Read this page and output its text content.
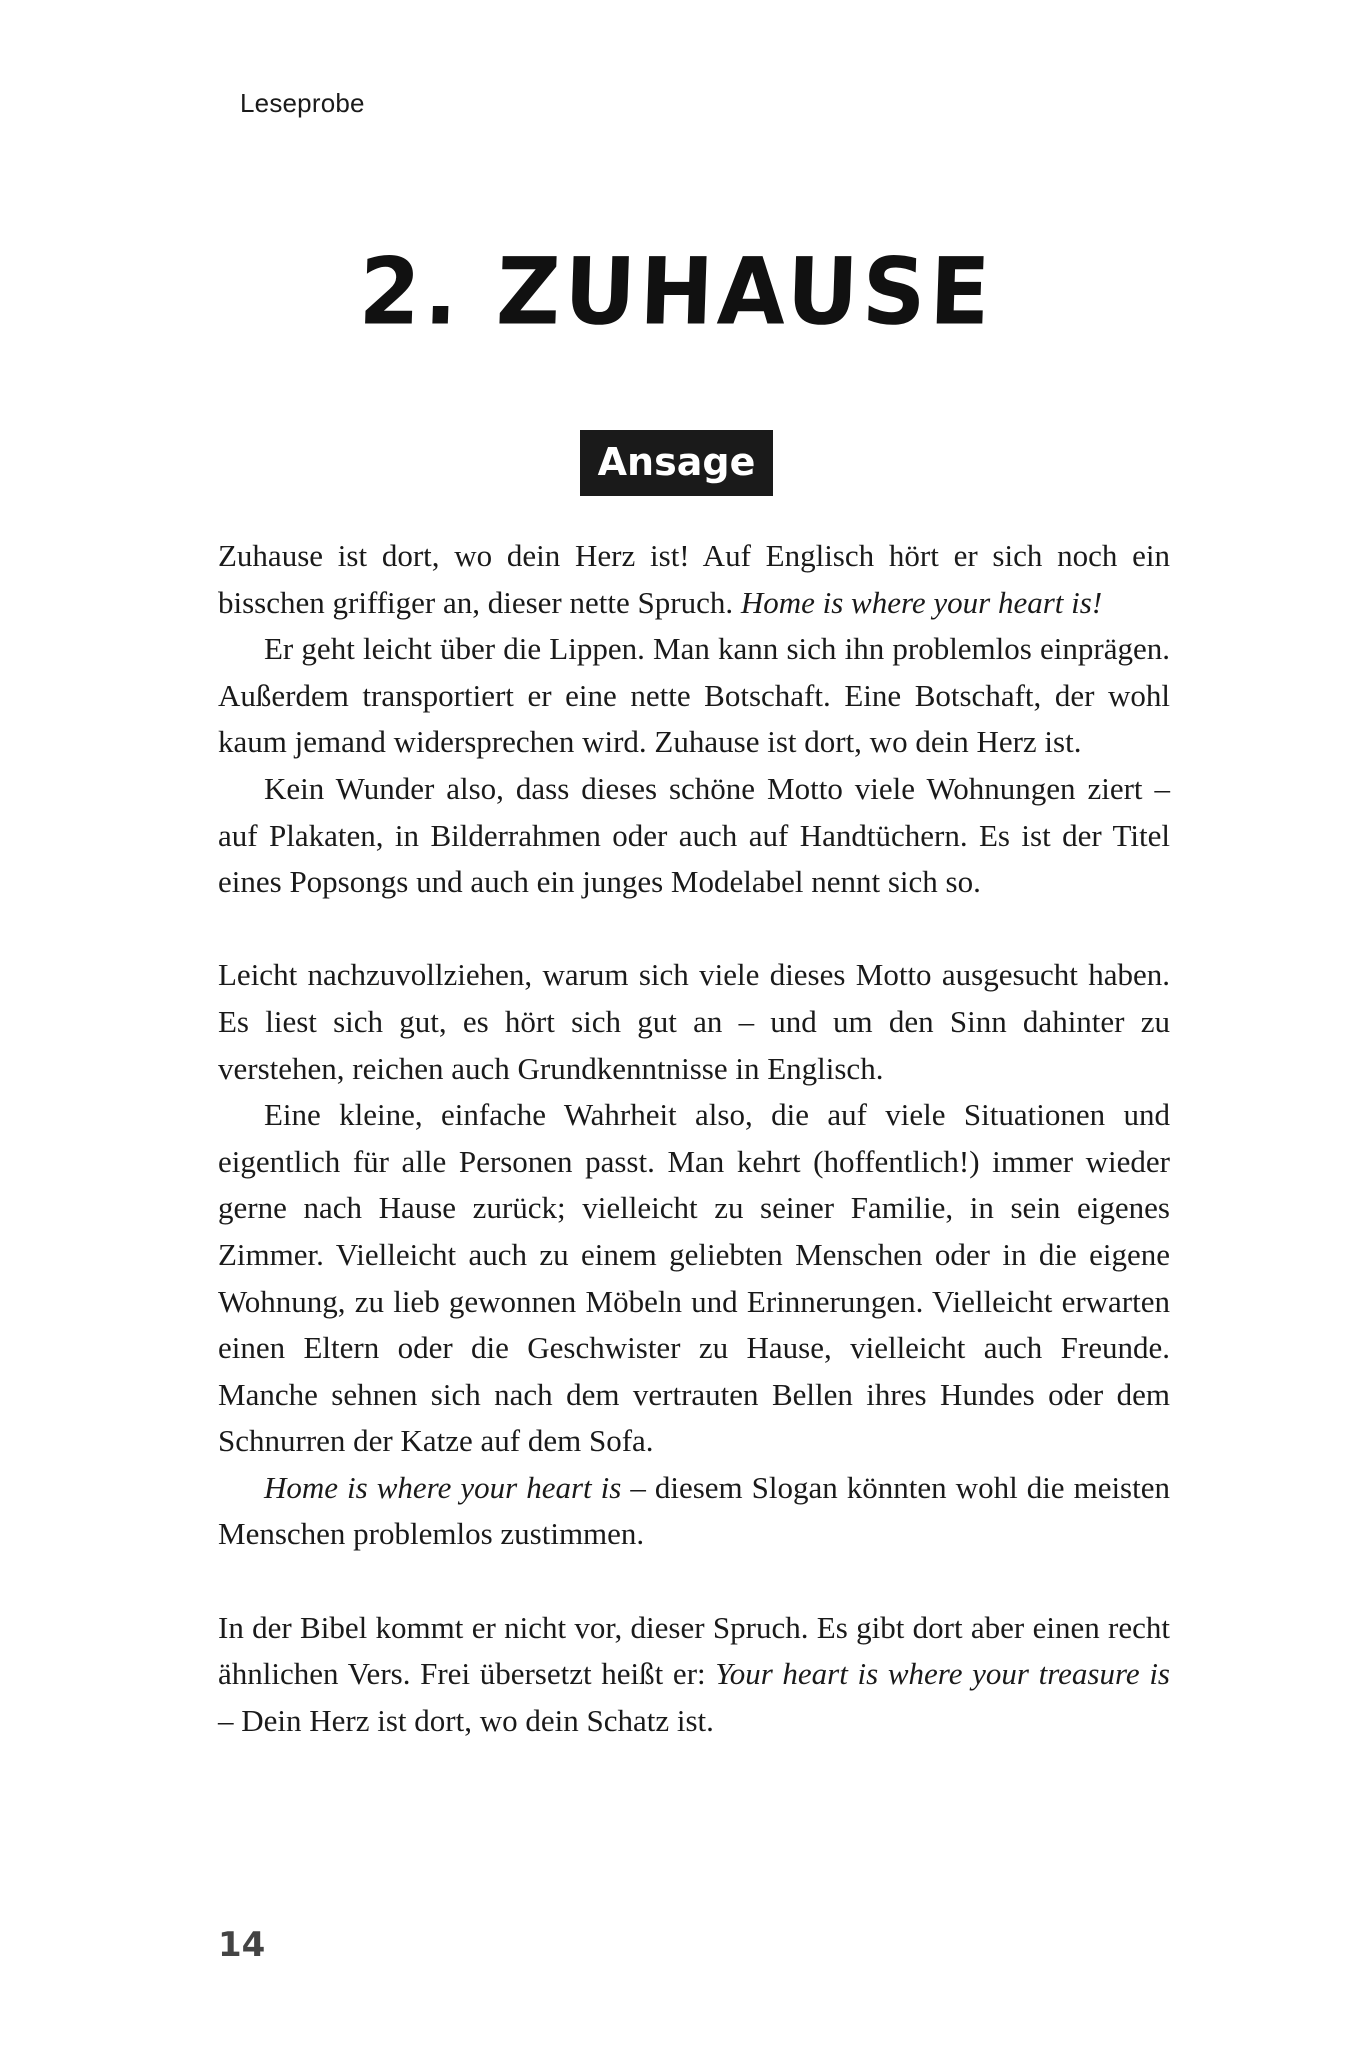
Leseprobe
2. ZUHAUSE
Ansage

Zuhause ist dort, wo dein Herz ist! Auf Englisch hört er sich noch ein bisschen griffiger an, dieser nette Spruch. Home is where your heart is!

Er geht leicht über die Lippen. Man kann sich ihn problemlos einprägen. Außerdem transportiert er eine nette Botschaft. Eine Botschaft, der wohl kaum jemand widersprechen wird. Zuhause ist dort, wo dein Herz ist.

Kein Wunder also, dass dieses schöne Motto viele Wohnungen ziert – auf Plakaten, in Bilderrahmen oder auch auf Handtüchern. Es ist der Titel eines Popsongs und auch ein junges Modelabel nennt sich so.

Leicht nachzuvollziehen, warum sich viele dieses Motto ausgesucht haben. Es liest sich gut, es hört sich gut an – und um den Sinn dahinter zu verstehen, reichen auch Grundkenntnisse in Englisch.

Eine kleine, einfache Wahrheit also, die auf viele Situationen und eigentlich für alle Personen passt. Man kehrt (hoffentlich!) immer wieder gerne nach Hause zurück; vielleicht zu seiner Familie, in sein eigenes Zimmer. Vielleicht auch zu einem geliebten Menschen oder in die eigene Wohnung, zu lieb gewonnen Möbeln und Erinnerungen. Vielleicht erwarten einen Eltern oder die Geschwister zu Hause, vielleicht auch Freunde. Manche sehnen sich nach dem vertrauten Bellen ihres Hundes oder dem Schnurren der Katze auf dem Sofa.

Home is where your heart is – diesem Slogan könnten wohl die meisten Menschen problemlos zustimmen.

In der Bibel kommt er nicht vor, dieser Spruch. Es gibt dort aber einen recht ähnlichen Vers. Frei übersetzt heißt er: Your heart is where your treasure is – Dein Herz ist dort, wo dein Schatz ist.

14
